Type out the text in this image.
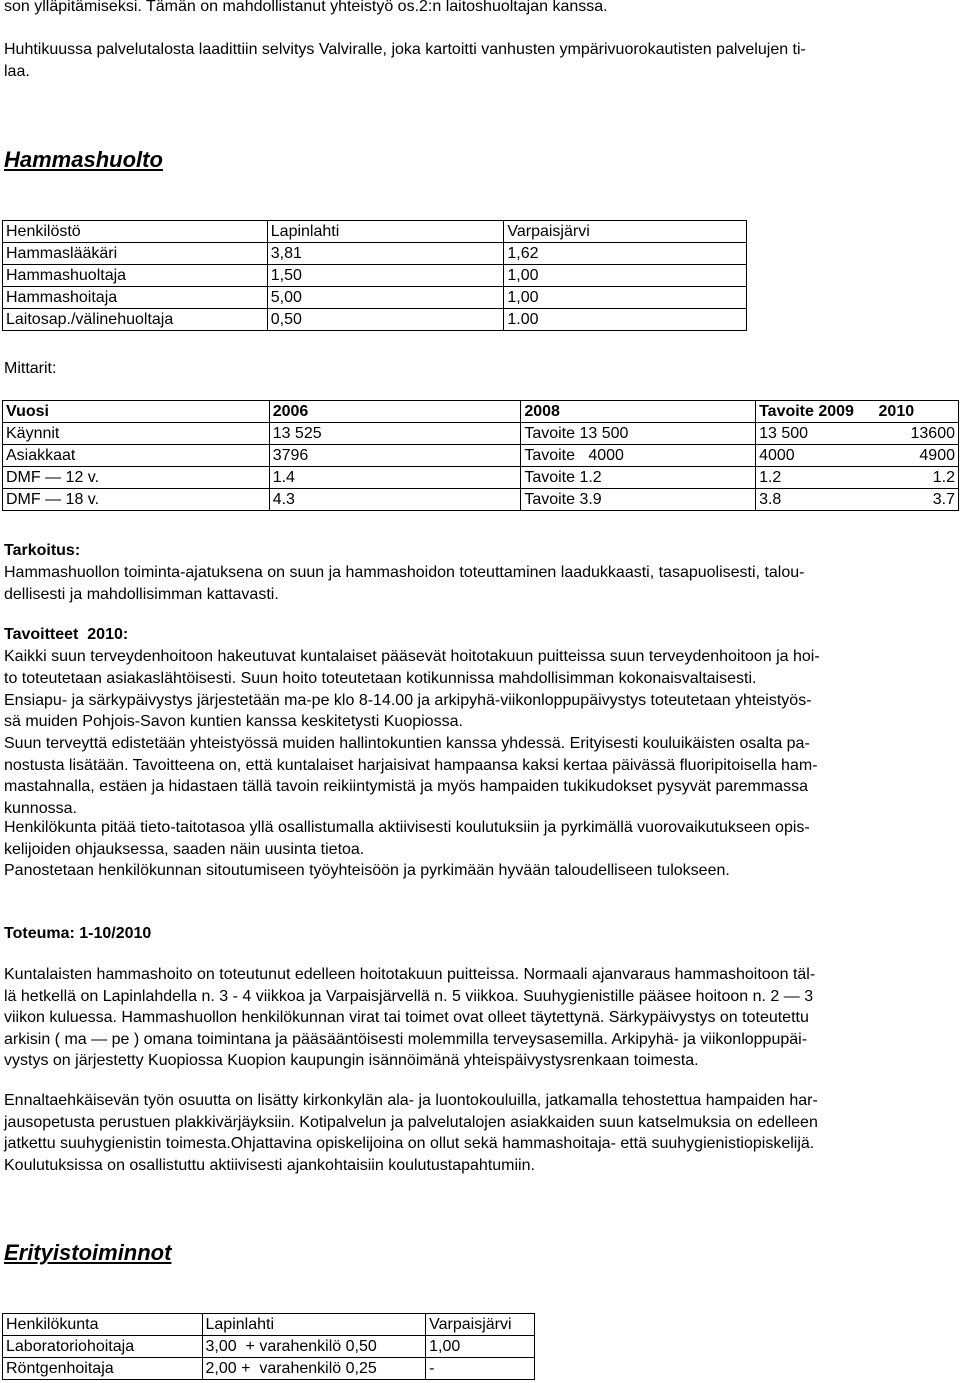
son ylläpitämiseksi. Tämän on mahdollistanut yhteistyö os.2:n laitoshuoltajan kanssa.
Huhtikuussa palvelutalosta laadittiin selvitys Valviralle, joka kartoitti vanhusten ympärivuorokautisten palvelujen ti-
laa.
Hammashuolto
Henkilöstö	Lapinlahti	Varpaisjärvi
Hammaslääkäri	3,81	1,62
Hammashuoltaja	1,50	1,00
Hammashoitaja	5,00	1,00
Laitosap./välinehuoltaja	0,50	1.00
Mittarit:
Vuosi	2006	2008	Tavoite 2009	2010
Käynnit	13 525	Tavoite 13 500	13 500	13600
Asiakkaat	3796	Tavoite   4000	4000	4900
DMF — 12 v.	1.4	Tavoite 1.2	1.2	1.2
DMF — 18 v.	4.3	Tavoite 3.9	3.8	3.7
Tarkoitus:
Hammashuollon toiminta-ajatuksena on suun ja hammashoidon toteuttaminen laadukkaasti, tasapuolisesti, talou-
dellisesti ja mahdollisimman kattavasti.
Tavoitteet  2010:
Kaikki suun terveydenhoitoon hakeutuvat kuntalaiset pääsevät hoitotakuun puitteissa suun terveydenhoitoon ja hoi-
to toteutetaan asiakaslähtöisesti. Suun hoito toteutetaan kotikunnissa mahdollisimman kokonaisvaltaisesti.
Ensiapu- ja särkypäivystys järjestetään ma-pe klo 8-14.00 ja arkipyhä-viikonloppupäivystys toteutetaan yhteistyös-
sä muiden Pohjois-Savon kuntien kanssa keskitetysti Kuopiossa.
Suun terveyttä edistetään yhteistyössä muiden hallintokuntien kanssa yhdessä. Erityisesti kouluikäisten osalta pa-
nostusta lisätään. Tavoitteena on, että kuntalaiset harjaisivat hampaansa kaksi kertaa päivässä fluoripitoisella ham-
mastahnalla, estäen ja hidastaen tällä tavoin reikiintymistä ja myös hampaiden tukikudokset pysyvät paremmassa
kunnossa.
Henkilökunta pitää tieto-taitotasoa yllä osallistumalla aktiivisesti koulutuksiin ja pyrkimällä vuorovaikutukseen opis-
kelijoiden ohjauksessa, saaden näin uusinta tietoa.
Panostetaan henkilökunnan sitoutumiseen työyhteisöön ja pyrkimään hyvään taloudelliseen tulokseen.
Toteuma: 1-10/2010
Kuntalaisten hammashoito on toteutunut edelleen hoitotakuun puitteissa. Normaali ajanvaraus hammashoitoon täl-
lä hetkellä on Lapinlahdella n. 3 - 4 viikkoa ja Varpaisjärvellä n. 5 viikkoa. Suuhygienistille pääsee hoitoon n. 2 — 3
viikon kuluessa. Hammashuollon henkilökunnan virat tai toimet ovat olleet täytettynä. Särkypäivystys on toteutettu
arkisin ( ma — pe ) omana toimintana ja pääsääntöisesti molemmilla terveysasemilla. Arkipyhä- ja viikonloppupäi-
vystys on järjestetty Kuopiossa Kuopion kaupungin isännöimänä yhteispäivystysrenkaan toimesta.
Ennaltaehkäisevän työn osuutta on lisätty kirkonkylän ala- ja luontokouluilla, jatkamalla tehostettua hampaiden har-
jausopetusta perustuen plakkivärjäyksiin. Kotipalvelun ja palvelutalojen asiakkaiden suun katselmuksia on edelleen
jatkettu suuhygienistin toimesta.Ohjattavina opiskelijoina on ollut sekä hammashoitaja- että suuhygienistiopiskelijä.
Koulutuksissa on osallistuttu aktiivisesti ajankohtaisiin koulutustapahtumiin.
Erityistoiminnot
Henkilökunta	Lapinlahti	Varpaisjärvi
Laboratoriohoitaja	3,00  + varahenkilö 0,50	1,00
Röntgenhoitaja	2,00 +  varahenkilö 0,25	-
